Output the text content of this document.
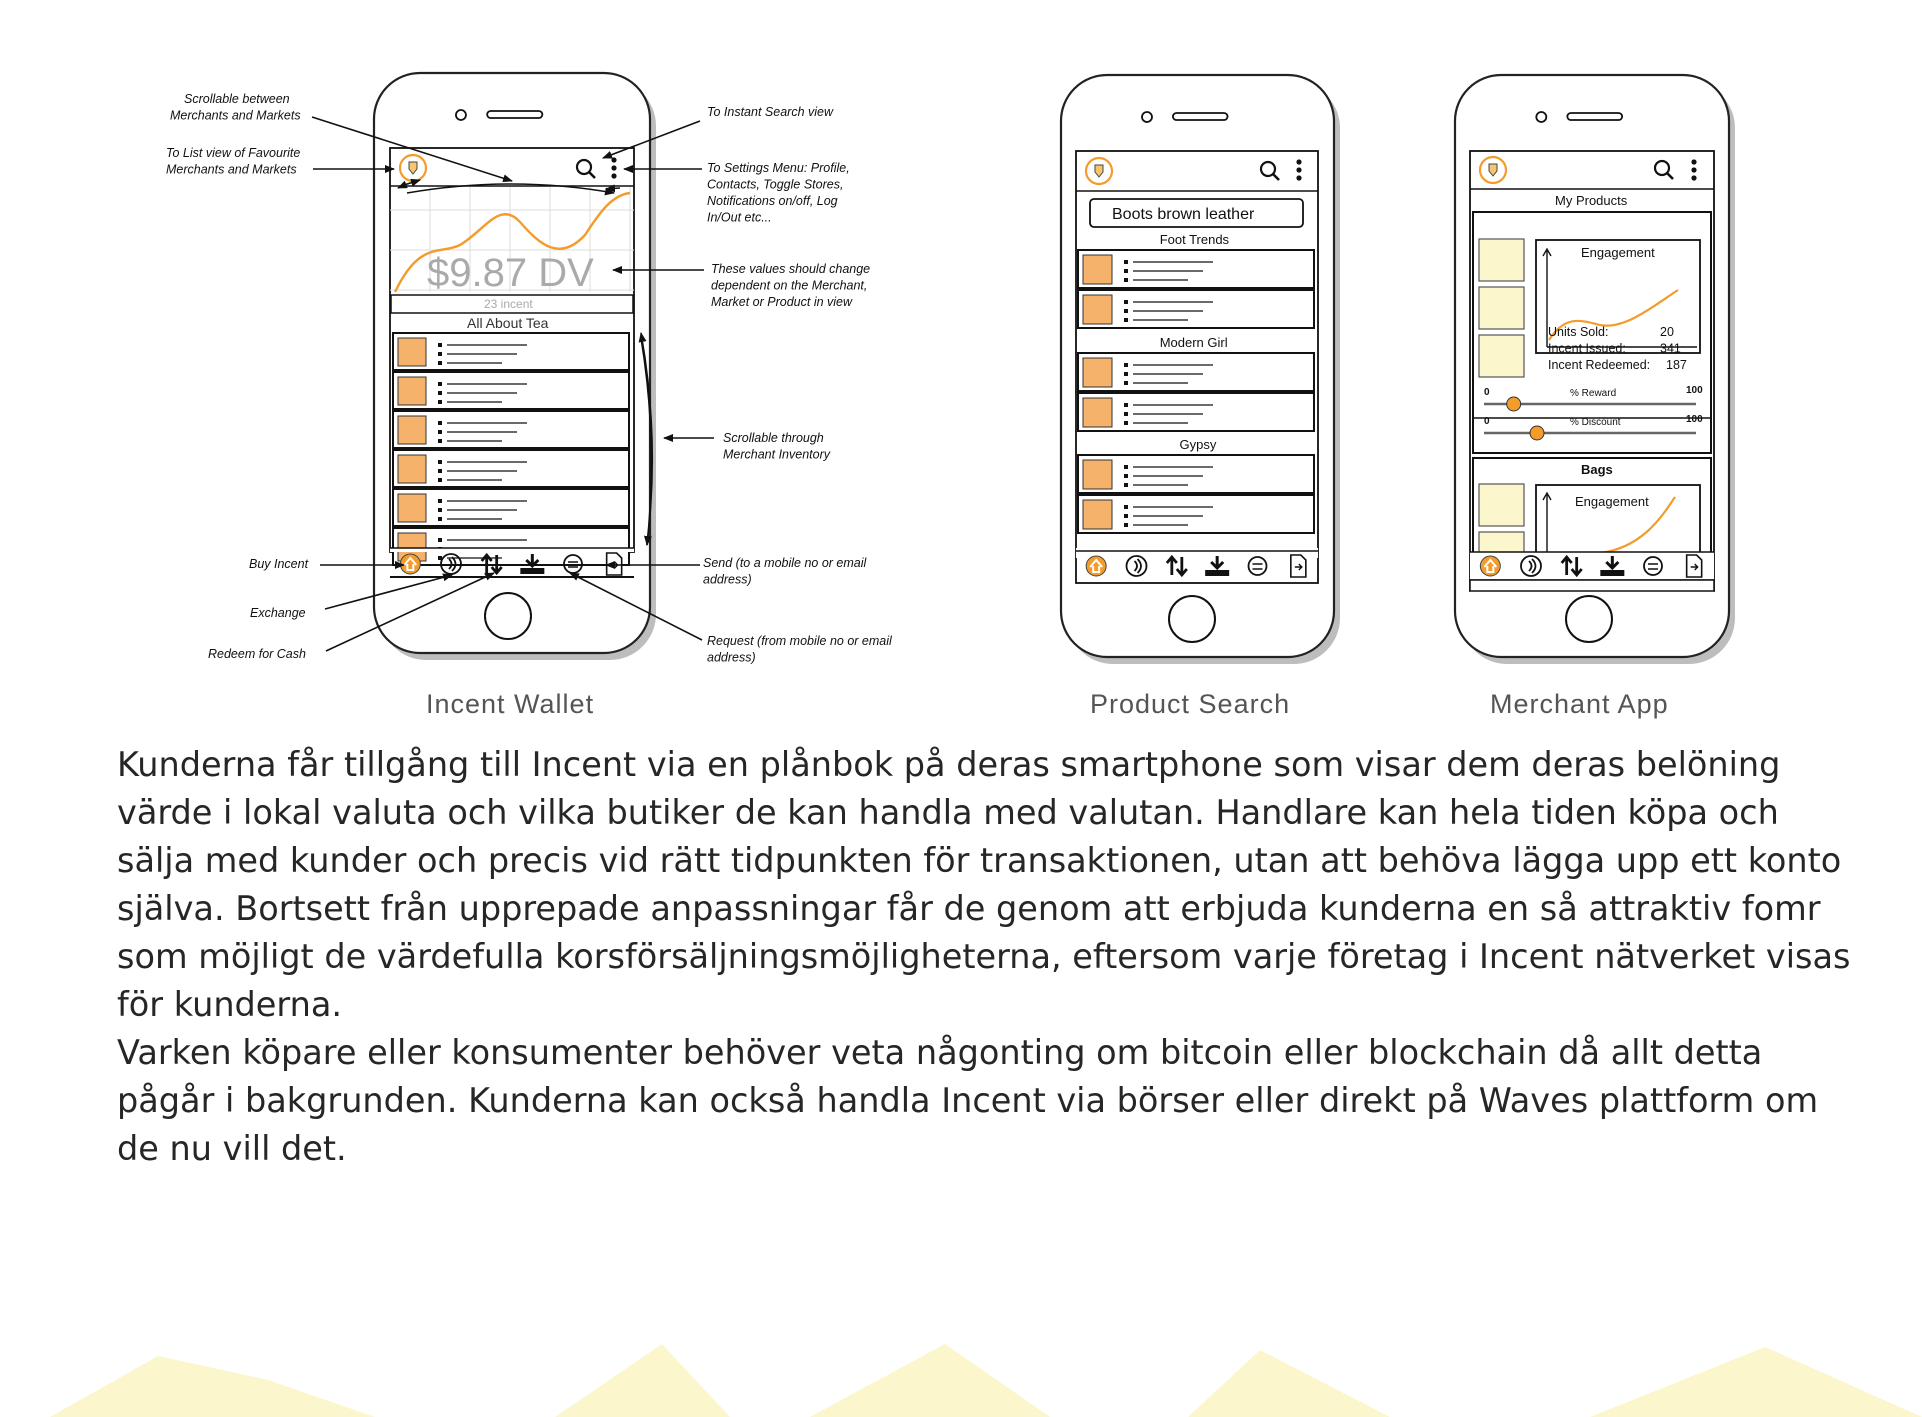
$9.87 DV
23 incent
All About Tea
Scrollable between
Merchants and Markets
To List view of Favourite
Merchants and Markets
To Instant Search view
To Settings Menu: Profile,
Contacts, Toggle Stores,
Notifications on/off, Log
In/Out etc...
These values should change
dependent on the Merchant,
Market or Product in view
Scrollable through
Merchant Inventory
Buy Incent
Exchange
Redeem for Cash
Send (to a mobile no or email
address)
Request (from mobile no or email
address)
Incent Wallet
Boots brown leather
Foot Trends
Modern Girl
Gypsy
Product Search
My Products
Engagement
Units Sold:	20
Incent Issued:	341
Incent Redeemed: 187
0	100
% Reward
0	100
% Discount
Bags
Engagement
Merchant App

Kunderna får tillgång till Incent via en plånbok på deras smartphone som visar dem deras belöning värde i lokal valuta och vilka butiker de kan handla med valutan. Handlare kan hela tiden köpa och sälja med kunder och precis vid rätt tidpunkten för transaktionen, utan att behöva lägga upp ett konto själva. Bortsett från upprepade anpassningar får de genom att erbjuda kunderna en så attraktiv fomr som möjligt de värdefulla korsförsäljningsmöjligheterna, eftersom varje företag i Incent nätverket visas för kunderna.

Varken köpare eller konsumenter behöver veta någonting om bitcoin eller blockchain då allt detta pågår i bakgrunden. Kunderna kan också handla Incent via börser eller direkt på Waves plattform om de nu vill det.
